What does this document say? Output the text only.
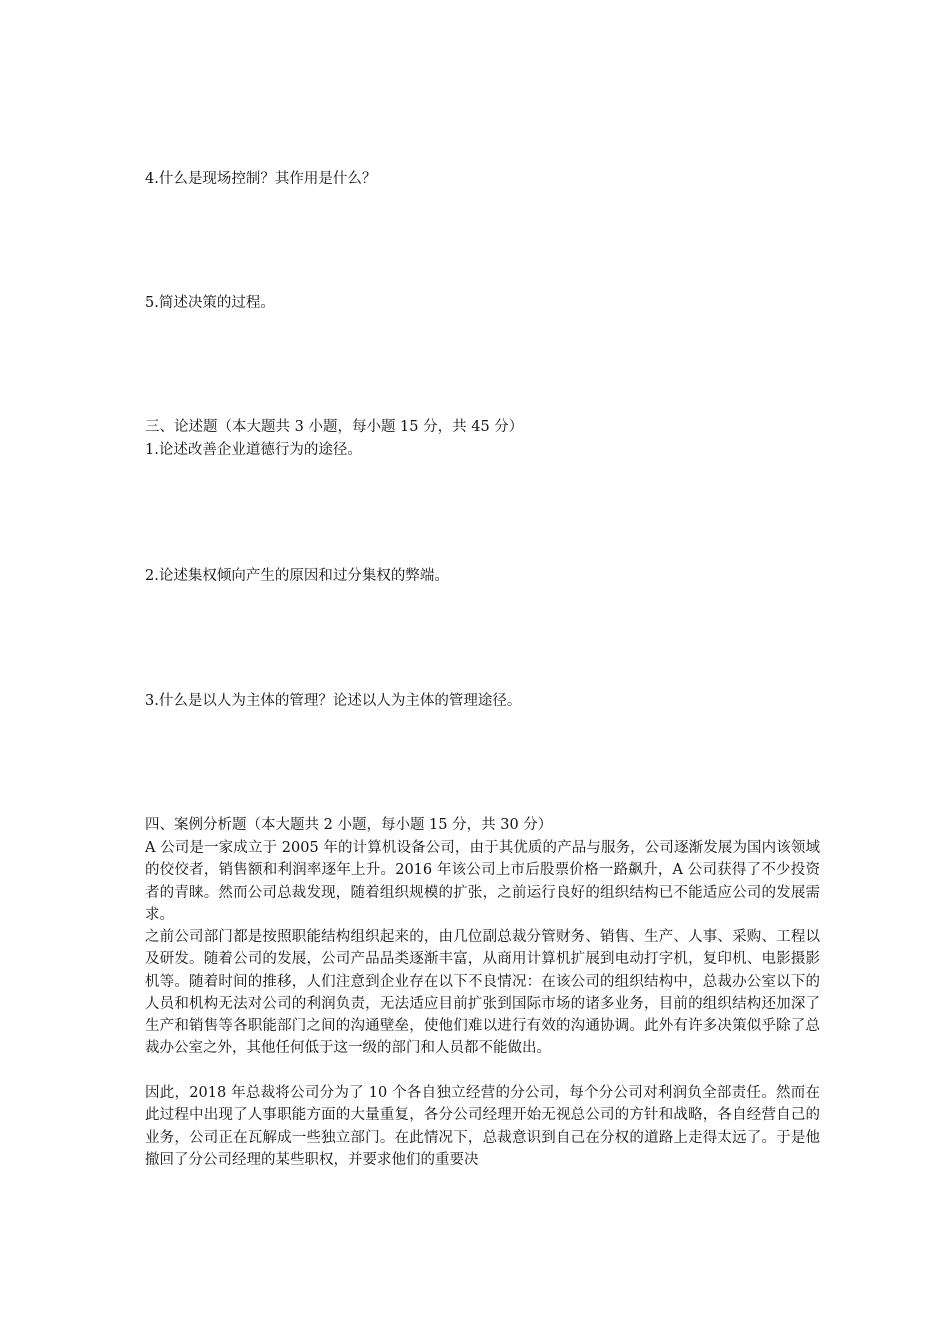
4.什么是现场控制？其作用是什么？
5.简述决策的过程。
三、论述题（本大题共 3 小题，每小题 15 分，共 45 分）
1.论述改善企业道德行为的途径。
2.论述集权倾向产生的原因和过分集权的弊端。
3.什么是以人为主体的管理？论述以人为主体的管理途径。
四、案例分析题（本大题共 2 小题，每小题 15 分，共 30 分）
A 公司是一家成立于 2005 年的计算机设备公司，由于其优质的产品与服务，公司逐渐发展为国内该领域的佼佼者，销售额和利润率逐年上升。2016 年该公司上市后股票价格一路飙升，A 公司获得了不少投资者的青睐。然而公司总裁发现，随着组织规模的扩张，之前运行良好的组织结构已不能适应公司的发展需求。
之前公司部门都是按照职能结构组织起来的，由几位副总裁分管财务、销售、生产、人事、采购、工程以及研发。随着公司的发展，公司产品品类逐渐丰富，从商用计算机扩展到电动打字机，复印机、电影摄影机等。随着时间的推移，人们注意到企业存在以下不良情况：在该公司的组织结构中，总裁办公室以下的人员和机构无法对公司的利润负责，无法适应目前扩张到国际市场的诸多业务，目前的组织结构还加深了生产和销售等各职能部门之间的沟通壁垒，使他们难以进行有效的沟通协调。此外有许多决策似乎除了总裁办公室之外，其他任何低于这一级的部门和人员都不能做出。
因此，2018 年总裁将公司分为了 10 个各自独立经营的分公司，每个分公司对利润负全部责任。然而在此过程中出现了人事职能方面的大量重复，各分公司经理开始无视总公司的方针和战略，各自经营自己的业务，公司正在瓦解成一些独立部门。在此情况下，总裁意识到自己在分权的道路上走得太远了。于是他撤回了分公司经理的某些职权，并要求他们的重要决
